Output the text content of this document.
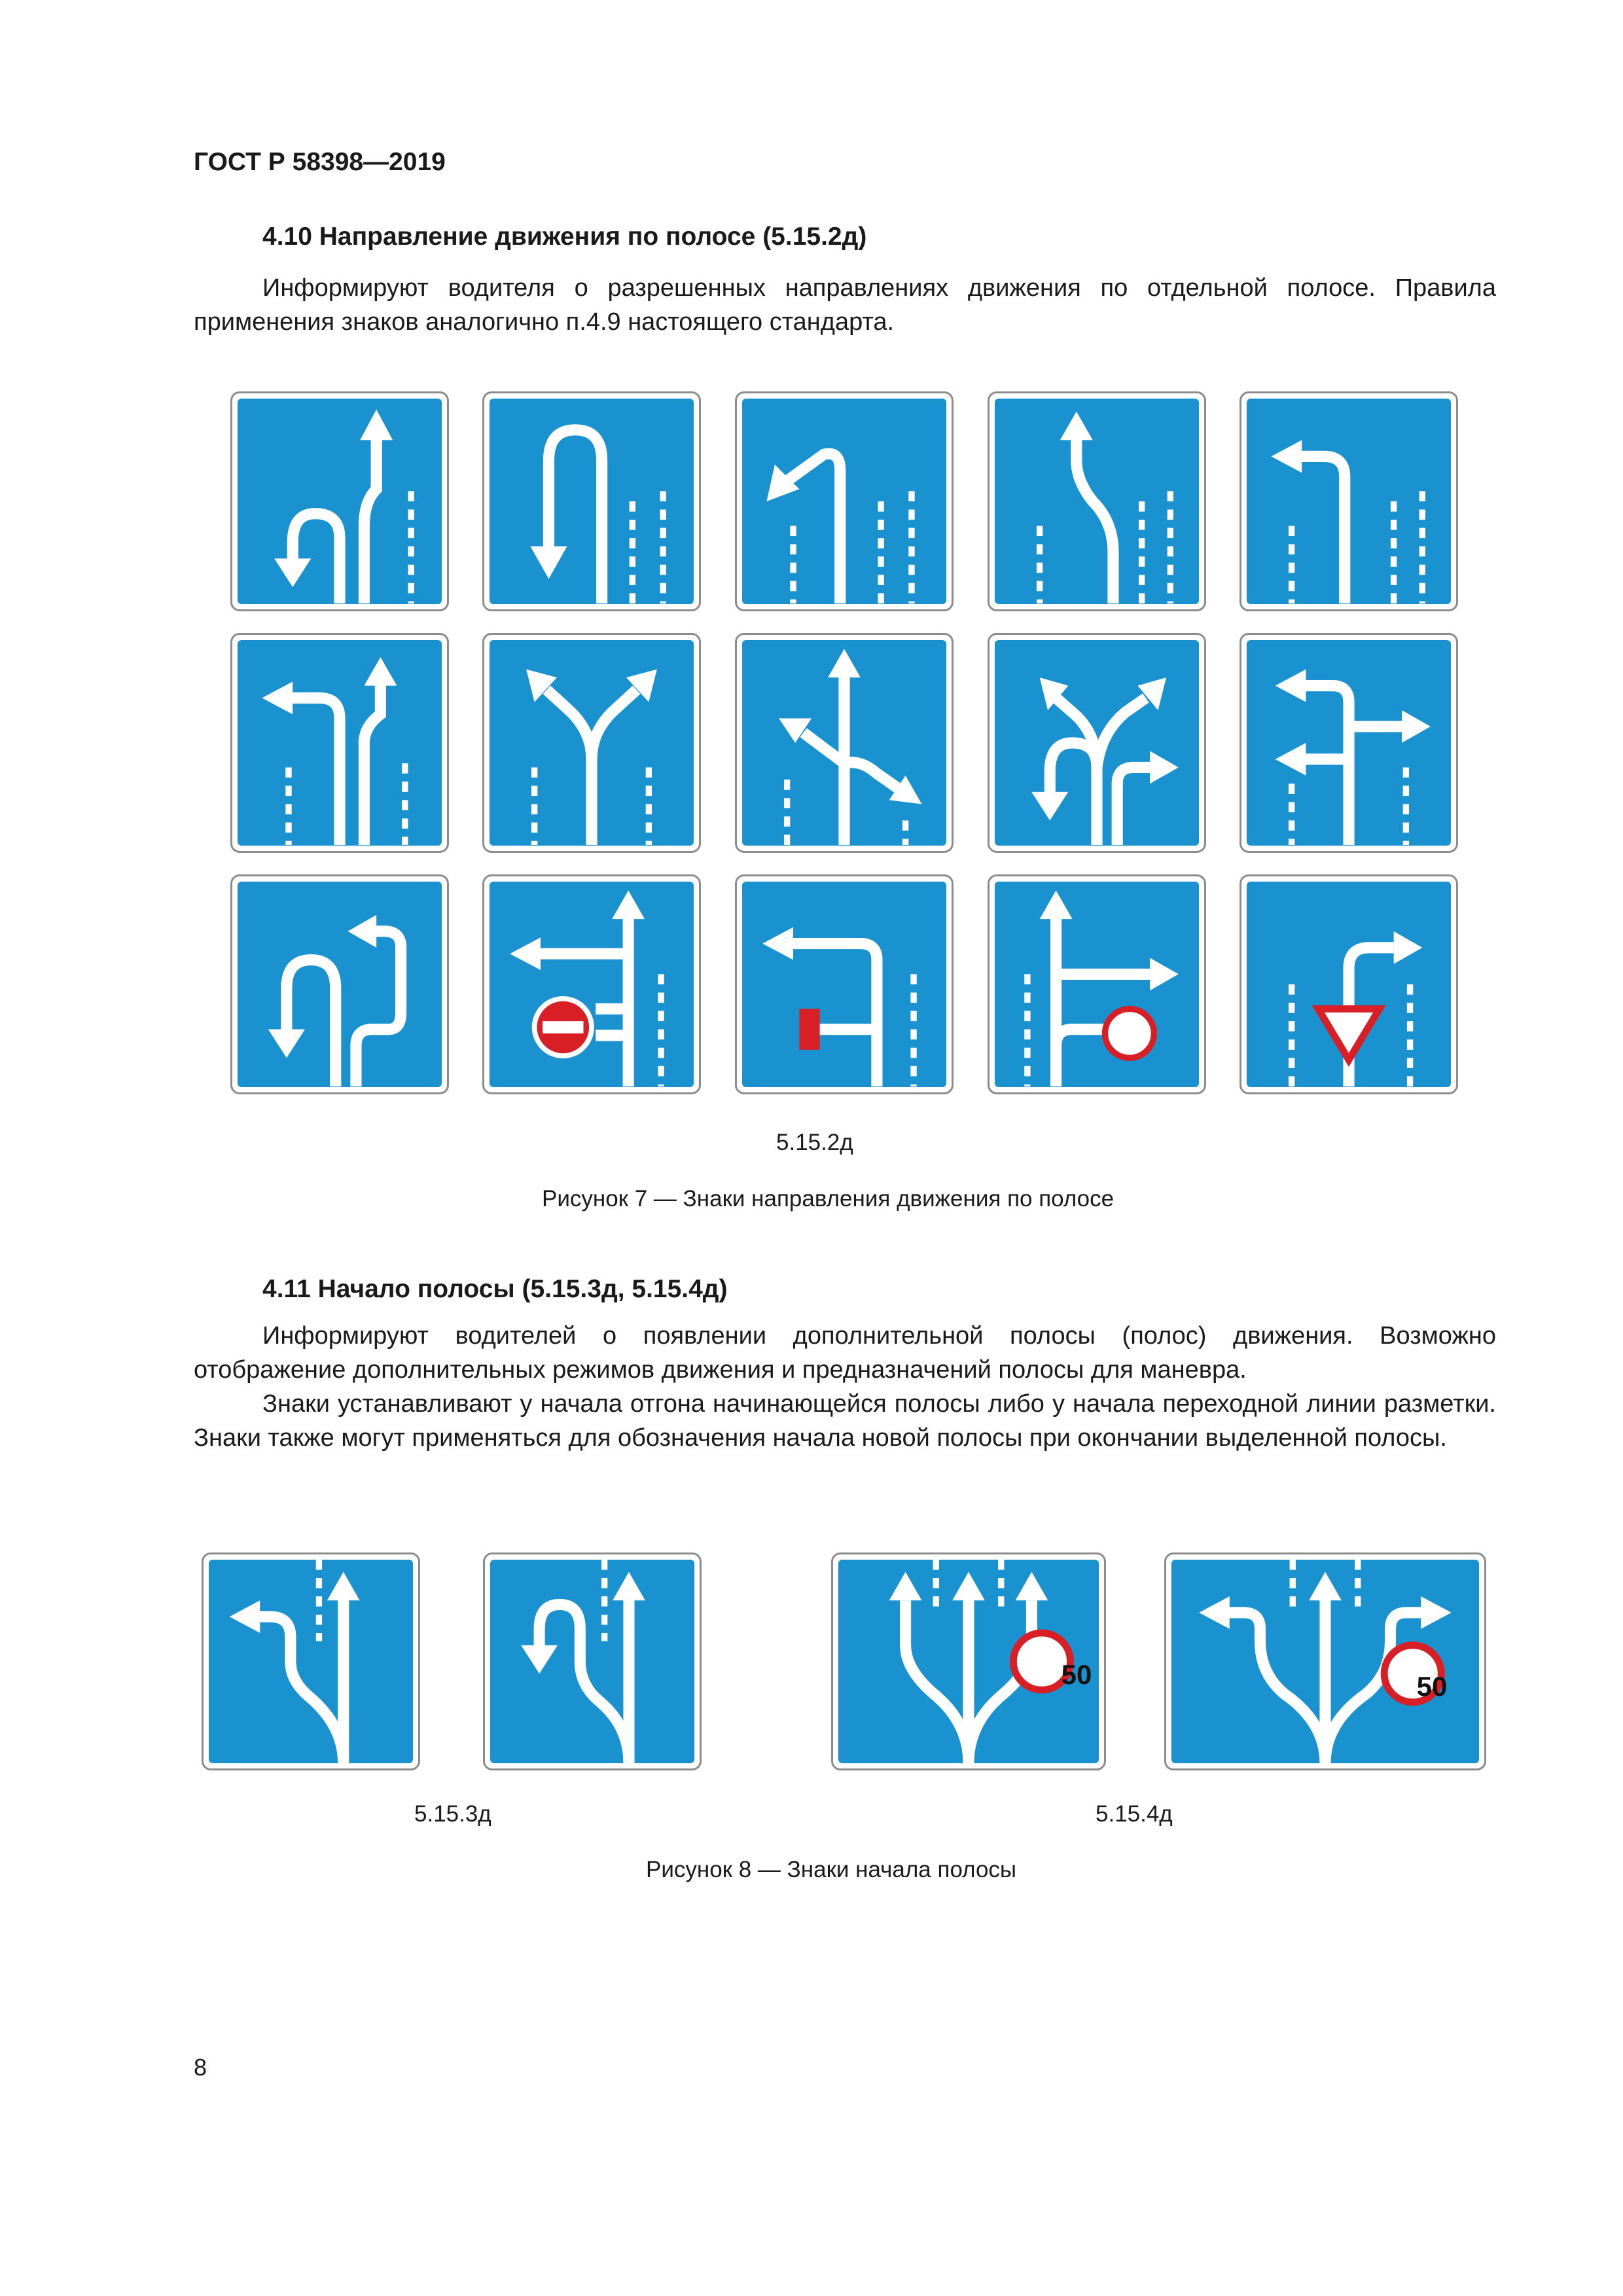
ГОСТ Р 58398—2019
4.10 Направление движения по полосе (5.15.2д)
Информируют водителя о разрешенных направлениях движения по отдельной полосе. Правила применения знаков аналогично п.4.9 настоящего стандарта.
5.15.2д
Рисунок 7 — Знаки направления движения по полосе
4.11 Начало полосы (5.15.3д, 5.15.4д)
Информируют водителей о появлении дополнительной полосы (полос) движения. Возможно отображение дополнительных режимов движения и предназначений полосы для маневра.
Знаки устанавливают у начала отгона начинающейся полосы либо у начала переходной линии разметки. Знаки также могут применяться для обозначения начала новой полосы при окончании выделенной полосы.
50	50
5.15.3д	5.15.4д
Рисунок 8 — Знаки начала полосы
8
